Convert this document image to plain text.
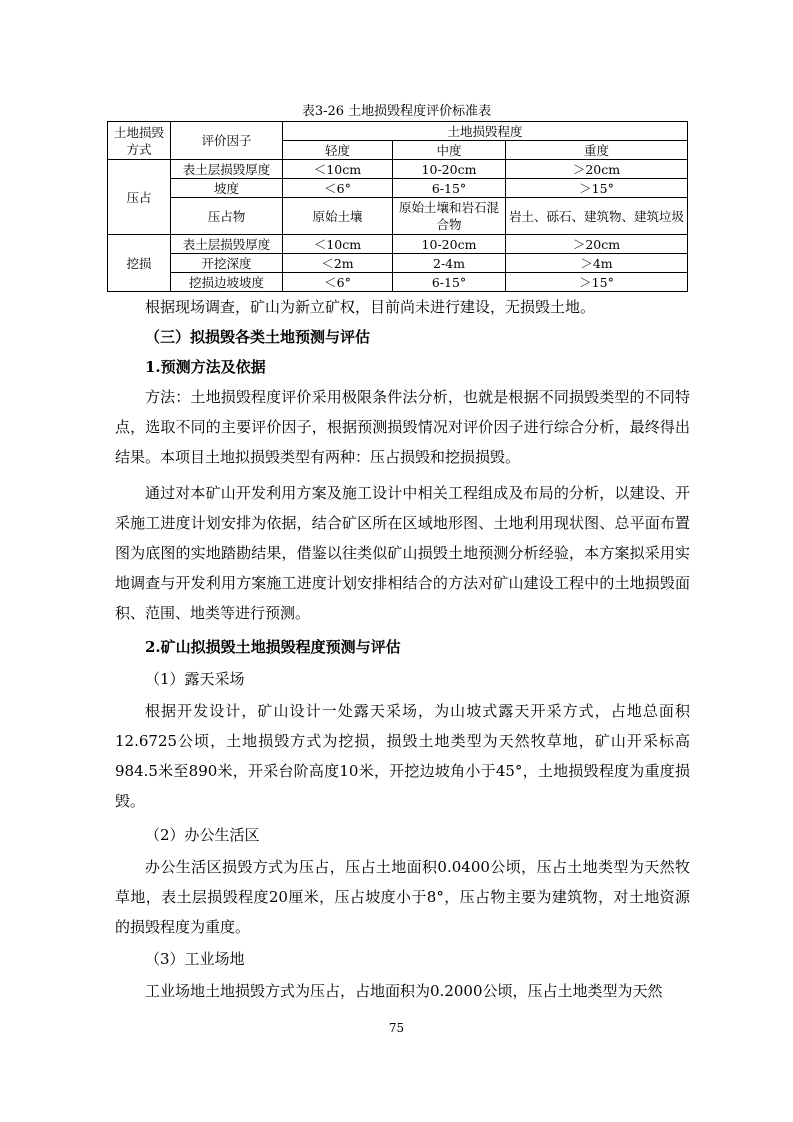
表3-26 土地损毁程度评价标准表
土地损毁方式	评价因子	土地损毁程度		
		轻度	中度	重度
压占	表土层损毁厚度	＜10cm	10-20cm	＞20cm
	坡度	＜6°	6-15°	＞15°
	压占物	原始土壤	原始土壤和岩石混合物	岩土、砾石、建筑物、建筑垃圾
挖损	表土层损毁厚度	＜10cm	10-20cm	＞20cm
	开挖深度	＜2m	2-4m	＞4m
	挖损边坡坡度	＜6°	6-15°	＞15°

根据现场调查，矿山为新立矿权，目前尚未进行建设，无损毁土地。

（三）拟损毁各类土地预测与评估

1.预测方法及依据

方法：土地损毁程度评价采用极限条件法分析，也就是根据不同损毁类型的不同特点，选取不同的主要评价因子，根据预测损毁情况对评价因子进行综合分析，最终得出结果。本项目土地拟损毁类型有两种：压占损毁和挖损损毁。

通过对本矿山开发利用方案及施工设计中相关工程组成及布局的分析，以建设、开采施工进度计划安排为依据，结合矿区所在区域地形图、土地利用现状图、总平面布置图为底图的实地踏勘结果，借鉴以往类似矿山损毁土地预测分析经验，本方案拟采用实地调查与开发利用方案施工进度计划安排相结合的方法对矿山建设工程中的土地损毁面积、范围、地类等进行预测。

2.矿山拟损毁土地损毁程度预测与评估

（1）露天采场

根据开发设计，矿山设计一处露天采场，为山坡式露天开采方式，占地总面积12.6725公顷，土地损毁方式为挖损，损毁土地类型为天然牧草地，矿山开采标高984.5米至890米，开采台阶高度10米，开挖边坡角小于45°，土地损毁程度为重度损毁。

（2）办公生活区

办公生活区损毁方式为压占，压占土地面积0.0400公顷，压占土地类型为天然牧草地，表土层损毁程度20厘米，压占坡度小于8°，压占物主要为建筑物，对土地资源的损毁程度为重度。

（3）工业场地

工业场地土地损毁方式为压占，占地面积为0.2000公顷，压占土地类型为天然

75
